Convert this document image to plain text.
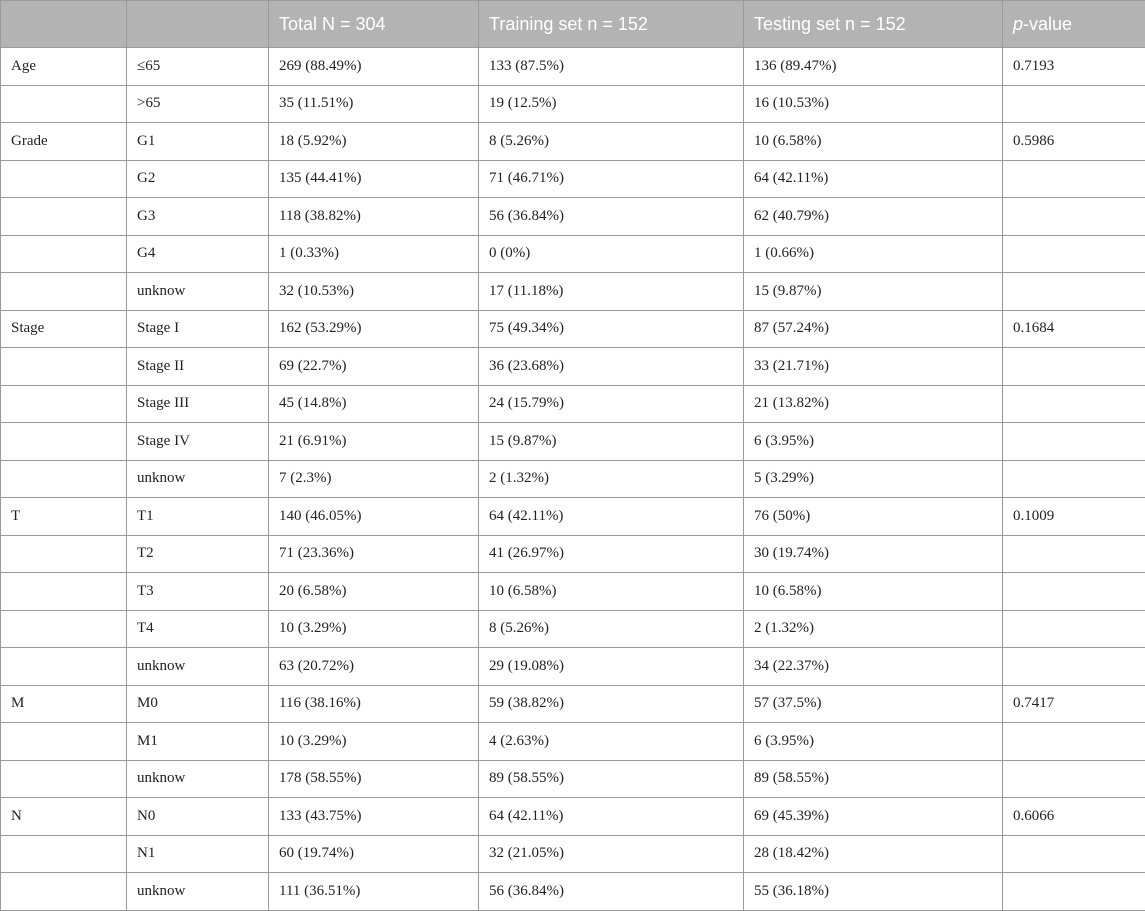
		Total N = 304	Training set n = 152	Testing set n = 152	p-value
Age	≤65	269 (88.49%)	133 (87.5%)	136 (89.47%)	0.7193
	>65	35 (11.51%)	19 (12.5%)	16 (10.53%)	
Grade	G1	18 (5.92%)	8 (5.26%)	10 (6.58%)	0.5986
	G2	135 (44.41%)	71 (46.71%)	64 (42.11%)	
	G3	118 (38.82%)	56 (36.84%)	62 (40.79%)	
	G4	1 (0.33%)	0 (0%)	1 (0.66%)	
	unknow	32 (10.53%)	17 (11.18%)	15 (9.87%)	
Stage	Stage I	162 (53.29%)	75 (49.34%)	87 (57.24%)	0.1684
	Stage II	69 (22.7%)	36 (23.68%)	33 (21.71%)	
	Stage III	45 (14.8%)	24 (15.79%)	21 (13.82%)	
	Stage IV	21 (6.91%)	15 (9.87%)	6 (3.95%)	
	unknow	7 (2.3%)	2 (1.32%)	5 (3.29%)	
T	T1	140 (46.05%)	64 (42.11%)	76 (50%)	0.1009
	T2	71 (23.36%)	41 (26.97%)	30 (19.74%)	
	T3	20 (6.58%)	10 (6.58%)	10 (6.58%)	
	T4	10 (3.29%)	8 (5.26%)	2 (1.32%)	
	unknow	63 (20.72%)	29 (19.08%)	34 (22.37%)	
M	M0	116 (38.16%)	59 (38.82%)	57 (37.5%)	0.7417
	M1	10 (3.29%)	4 (2.63%)	6 (3.95%)	
	unknow	178 (58.55%)	89 (58.55%)	89 (58.55%)	
N	N0	133 (43.75%)	64 (42.11%)	69 (45.39%)	0.6066
	N1	60 (19.74%)	32 (21.05%)	28 (18.42%)	
	unknow	111 (36.51%)	56 (36.84%)	55 (36.18%)	
